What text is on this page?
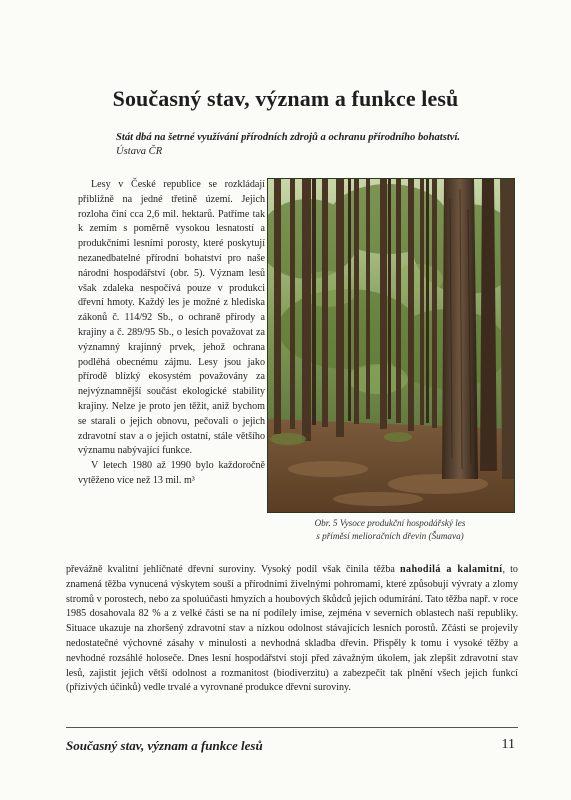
Současný stav, význam a funkce lesů
Stát dbá na šetrné využívání přírodních zdrojů a ochranu přírodního bohatství.
Ústava ČR

Lesy v České republice se rozkládají přibližně na jedné třetině území. Jejich rozloha činí cca 2,6 mil. hektarů. Patříme tak k zemím s poměrně vysokou lesnatostí a produkčními lesními porosty, které poskytují nezanedbatelné přírodní bohatství pro naše národní hospodářství (obr. 5). Význam lesů však zdaleka nespočívá pouze v produkci dřevní hmoty. Každý les je možné z hlediska zákonů č. 114/92 Sb., o ochraně přírody a krajiny a č. 289/95 Sb., o lesích považovat za významný krajinný prvek, jehož ochrana podléhá obecnému zájmu. Lesy jsou jako přírodě blízký ekosystém považovány za nejvýznamnější součást ekologické stability krajiny. Nelze je proto jen těžit, aniž bychom se starali o jejich obnovu, pečovali o jejich zdravotní stav a o jejich ostatní, stále většího významu nabývající funkce.

V letech 1980 až 1990 bylo každoročně vytěženo více než 13 mil. m³

Obr. 5 Vysoce produkční hospodářský les
s příměsí melioračních dřevin (Šumava)

převážně kvalitní jehličnaté dřevní suroviny. Vysoký podíl však činila těžba nahodilá a kalamitní, to znamená těžba vynucená výskytem souší a přírodními živelnými pohromami, které způsobují vývraty a zlomy stromů v porostech, nebo za spoluúčasti hmyzích a houbových škůdců jejich odumírání. Tato těžba např. v roce 1985 dosahovala 82 % a z velké části se na ní podílely imise, zejména v severních oblastech naší republiky. Situace ukazuje na zhoršený zdravotní stav a nízkou odolnost stávajících lesních porostů. Zčásti se projevily nedostatečné výchovné zásahy v minulosti a nevhodná skladba dřevin. Přispěly k tomu i vysoké těžby a nevhodné rozsáhlé holoseče. Dnes lesní hospodářství stojí před závažným úkolem, jak zlepšit zdravotní stav lesů, zajistit jejich větší odolnost a rozmanitost (biodiverzitu) a zabezpečit tak plnění všech jejich funkcí (přízivých účinků) vedle trvalé a vyrovnané produkce dřevní suroviny.

Současný stav, význam a funkce lesů	11
